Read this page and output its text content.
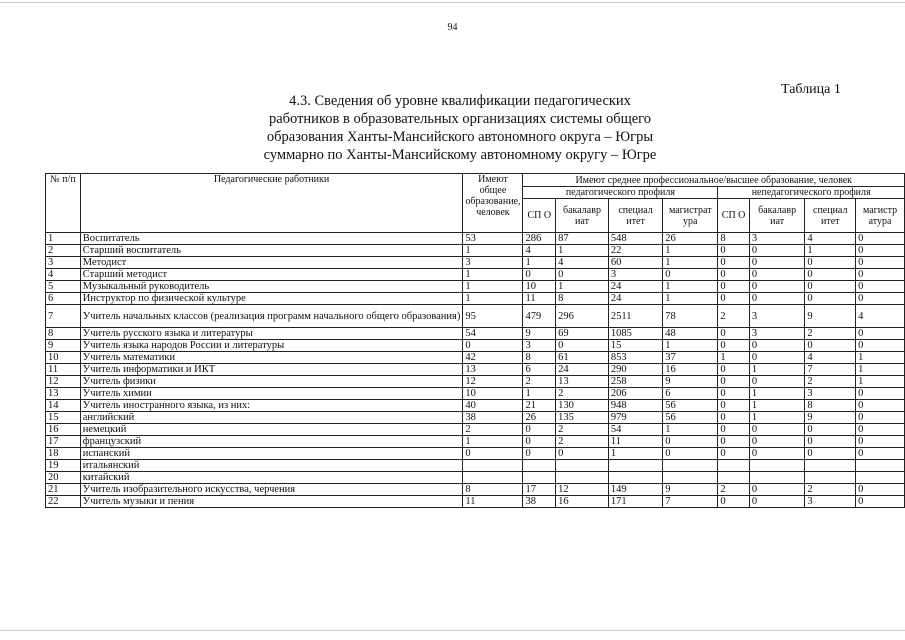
94
Таблица 1
4.3. Сведения об уровне квалификации педагогических
работников в образовательных организациях системы общего
образования Ханты-Мансийского автономного округа – Югры
суммарно по Ханты-Мансийскому автономному округу – Югре
№ п/п	Педагогические работники	Имеют общее образование, человек	Имеют среднее профессиональное/высшее образование, человек							
			педагогического профиля				непедагогического профиля			
			СП О	бакалавр иат	специал итет	магистрат ура	СП О	бакалавр иат	специал итет	магистр атура
1	Воспитатель	53	286	87	548	26	8	3	4	0
2	Старший воспитатель	1	4	1	22	1	0	0	1	0
3	Методист	3	1	4	60	1	0	0	0	0
4	Старший методист	1	0	0	3	0	0	0	0	0
5	Музыкальный руководитель	1	10	1	24	1	0	0	0	0
6	Инструктор по физической культуре	1	11	8	24	1	0	0	0	0
7	Учитель начальных классов (реализация программ начального общего образования)	95	479	296	2511	78	2	3	9	4
8	Учитель русского языка и литературы	54	9	69	1085	48	0	3	2	0
9	Учитель языка народов России и литературы	0	3	0	15	1	0	0	0	0
10	Учитель математики	42	8	61	853	37	1	0	4	1
11	Учитель информатики и ИКТ	13	6	24	290	16	0	1	7	1
12	Учитель физики	12	2	13	258	9	0	0	2	1
13	Учитель химии	10	1	2	206	6	0	1	3	0
14	Учитель иностранного языка, из них:	40	21	130	948	56	0	1	8	0
15	английский	38	26	135	979	56	0	1	9	0
16	немецкий	2	0	2	54	1	0	0	0	0
17	французский	1	0	2	11	0	0	0	0	0
18	испанский	0	0	0	1	0	0	0	0	0
19	итальянский									
20	китайский									
21	Учитель изобразительного искусства, черчения	8	17	12	149	9	2	0	2	0
22	Учитель музыки и пения	11	38	16	171	7	0	0	3	0
